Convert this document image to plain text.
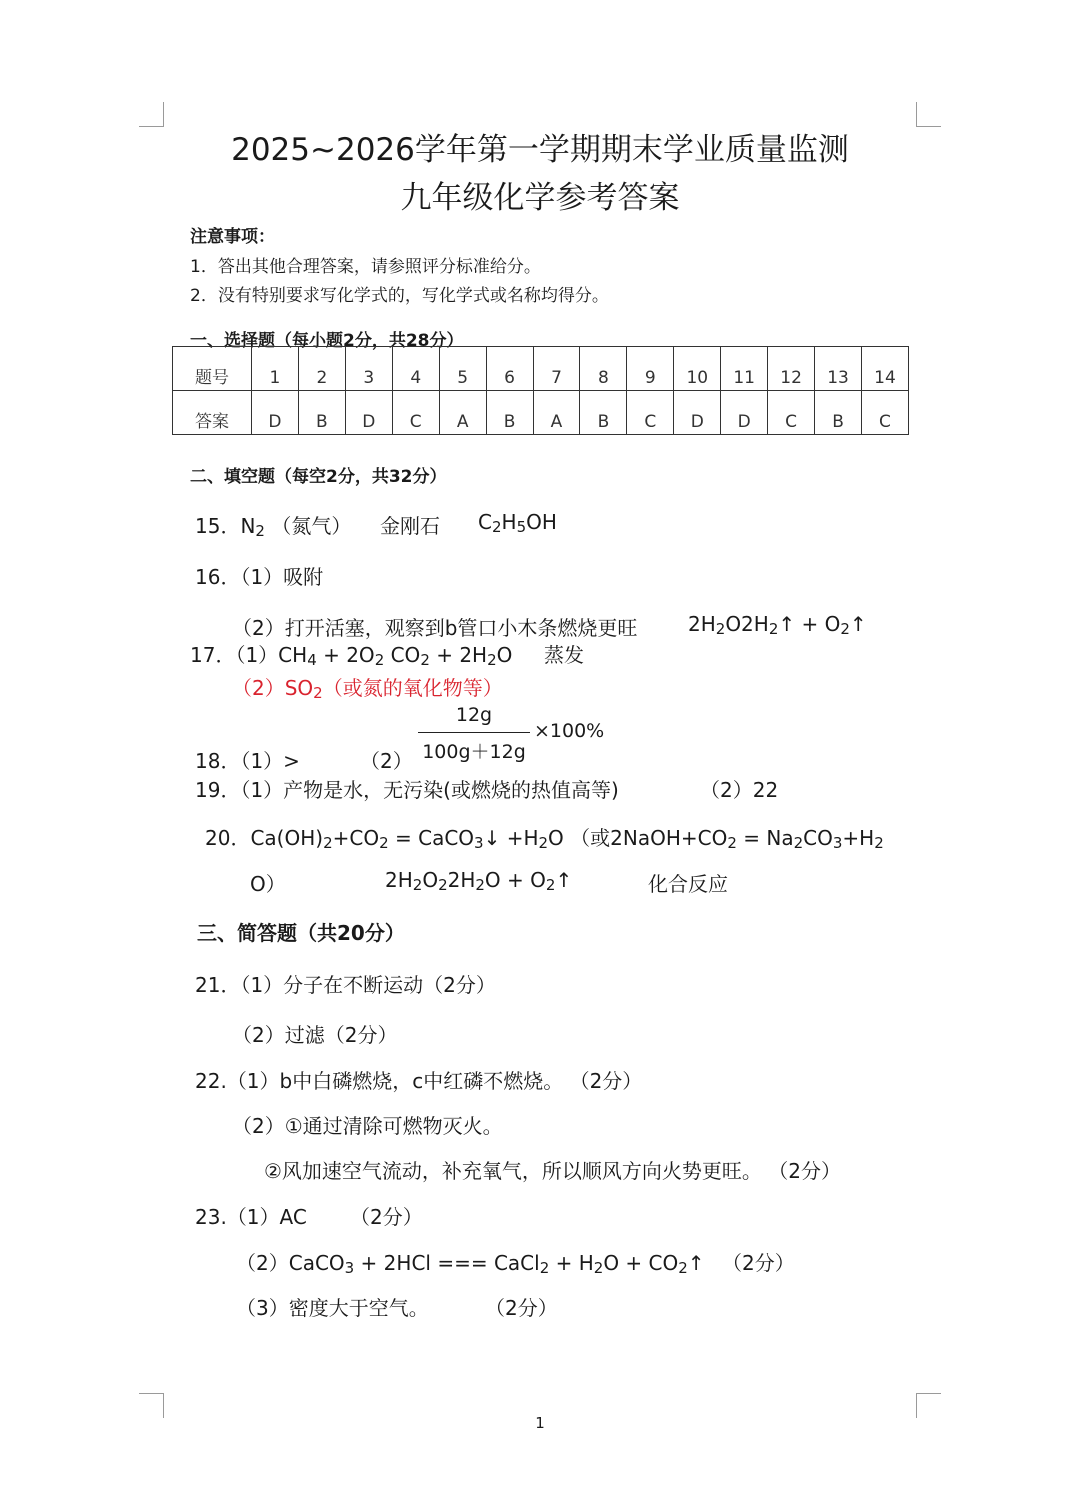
2025~2026学年第一学期期末学业质量监测
九年级化学参考答案
注意事项：
1．答出其他合理答案，请参照评分标准给分。
2．没有特别要求写化学式的，写化学式或名称均得分。
一、选择题（每小题2分，共28分）
题号	1	2	3	4	5	6	7	8	9	10	11	12	13	14
答案	D	B	D	C	A	B	A	B	C	D	D	C	B	C
二、填空题（每空2分，共32分）
15．$N_2$ （氮气） 金刚石 $C_2H_5OH$
16．（1）吸附
（2）打开活塞，观察到b管口小木条燃烧更旺	$2H_2O2H_2↑$ + $O_2↑$
17．$(1)CH_4 + 2O_2$ $CO_2 + 2H_2O$ 蒸发
$(2)SO_2$（或氮的氧化物等）
12g
100g＋12g
×100%
18．（1）>	（2）
19．（1）产物是水，无污染(或燃烧的热值高等)	（2）22
20．$Ca(OH)_2+CO_2$ = CaCO$_3$↓ $+H_2O$ （或$2NaOH+CO_2 = Na_2CO_3+H_2$
O）	$2H_2O_22H_2O$ + $O_2↑$	化合反应
三、简答题（共20分）
21．（1）分子在不断运动（2分）
（2）过滤（2分）
22.（1）b中白磷燃烧，c中红磷不燃烧。 （2分）
（2）①通过清除可燃物灭火。
②风加速空气流动，补充氧气，所以顺风方向火势更旺。 （2分）
23.（1）AC （2分）
（2）CaCO$_3$ + 2HCl === CaCl$_2$ + $H_2O$ + $CO_2↑$ （2分）
（3）密度大于空气。	（2分）
1
